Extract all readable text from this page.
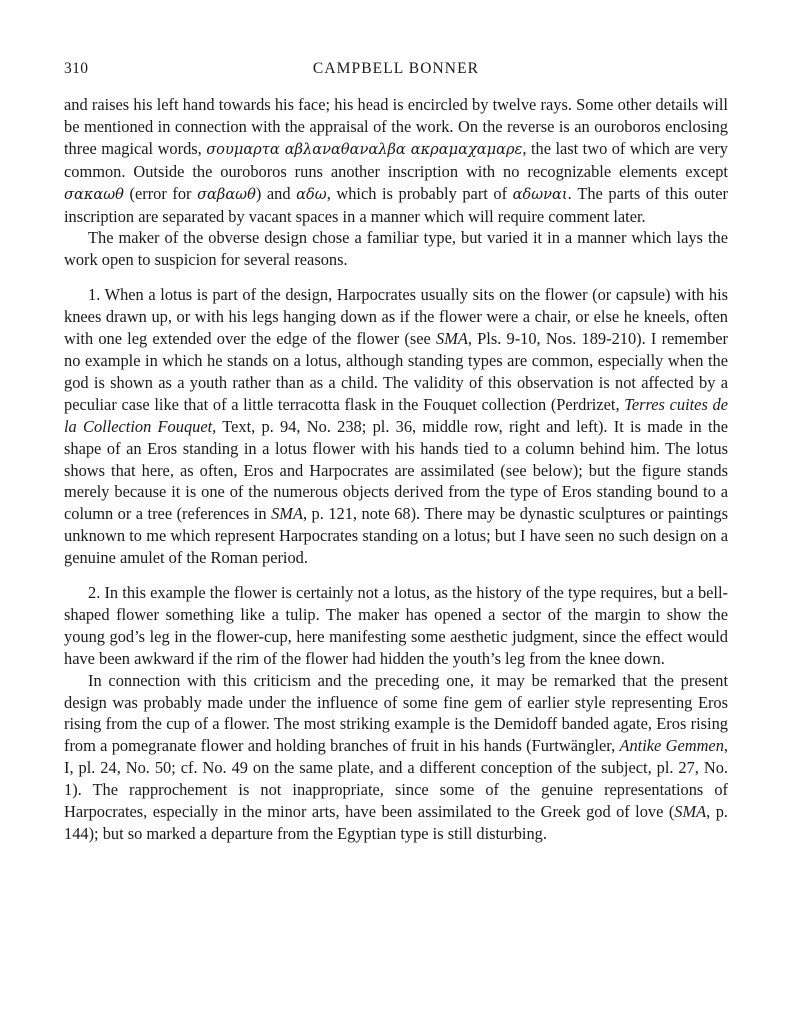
310	CAMPBELL BONNER

and raises his left hand towards his face; his head is encircled by twelve rays. Some other details will be mentioned in connection with the appraisal of the work. On the reverse is an ouroboros enclosing three magical words, σουμαρτα αβλαναθαναλβα ακραμαχαμαρε, the last two of which are very common. Outside the ouroboros runs another inscription with no recognizable elements except σακαωθ (error for σαβαωθ) and αδω, which is probably part of αδωναι. The parts of this outer inscription are separated by vacant spaces in a manner which will require comment later.

The maker of the obverse design chose a familiar type, but varied it in a manner which lays the work open to suspicion for several reasons.

1. When a lotus is part of the design, Harpocrates usually sits on the flower (or capsule) with his knees drawn up, or with his legs hanging down as if the flower were a chair, or else he kneels, often with one leg extended over the edge of the flower (see SMA, Pls. 9-10, Nos. 189-210). I remember no example in which he stands on a lotus, although standing types are common, especially when the god is shown as a youth rather than as a child. The validity of this observation is not affected by a peculiar case like that of a little terracotta flask in the Fouquet collection (Perdrizet, Terres cuites de la Collection Fouquet, Text, p. 94, No. 238; pl. 36, middle row, right and left). It is made in the shape of an Eros standing in a lotus flower with his hands tied to a column behind him. The lotus shows that here, as often, Eros and Harpocrates are assimilated (see below); but the figure stands merely because it is one of the numerous objects derived from the type of Eros standing bound to a column or a tree (references in SMA, p. 121, note 68). There may be dynastic sculptures or paintings unknown to me which represent Harpocrates standing on a lotus; but I have seen no such design on a genuine amulet of the Roman period.

2. In this example the flower is certainly not a lotus, as the history of the type requires, but a bell-shaped flower something like a tulip. The maker has opened a sector of the margin to show the young god’s leg in the flower-cup, here manifesting some aesthetic judgment, since the effect would have been awkward if the rim of the flower had hidden the youth’s leg from the knee down.

In connection with this criticism and the preceding one, it may be remarked that the present design was probably made under the influence of some fine gem of earlier style representing Eros rising from the cup of a flower. The most striking example is the Demidoff banded agate, Eros rising from a pomegranate flower and holding branches of fruit in his hands (Furtwängler, Antike Gemmen, I, pl. 24, No. 50; cf. No. 49 on the same plate, and a different conception of the subject, pl. 27, No. 1). The rapprochement is not inappropriate, since some of the genuine representations of Harpocrates, especially in the minor arts, have been assimilated to the Greek god of love (SMA, p. 144); but so marked a departure from the Egyptian type is still disturbing.
